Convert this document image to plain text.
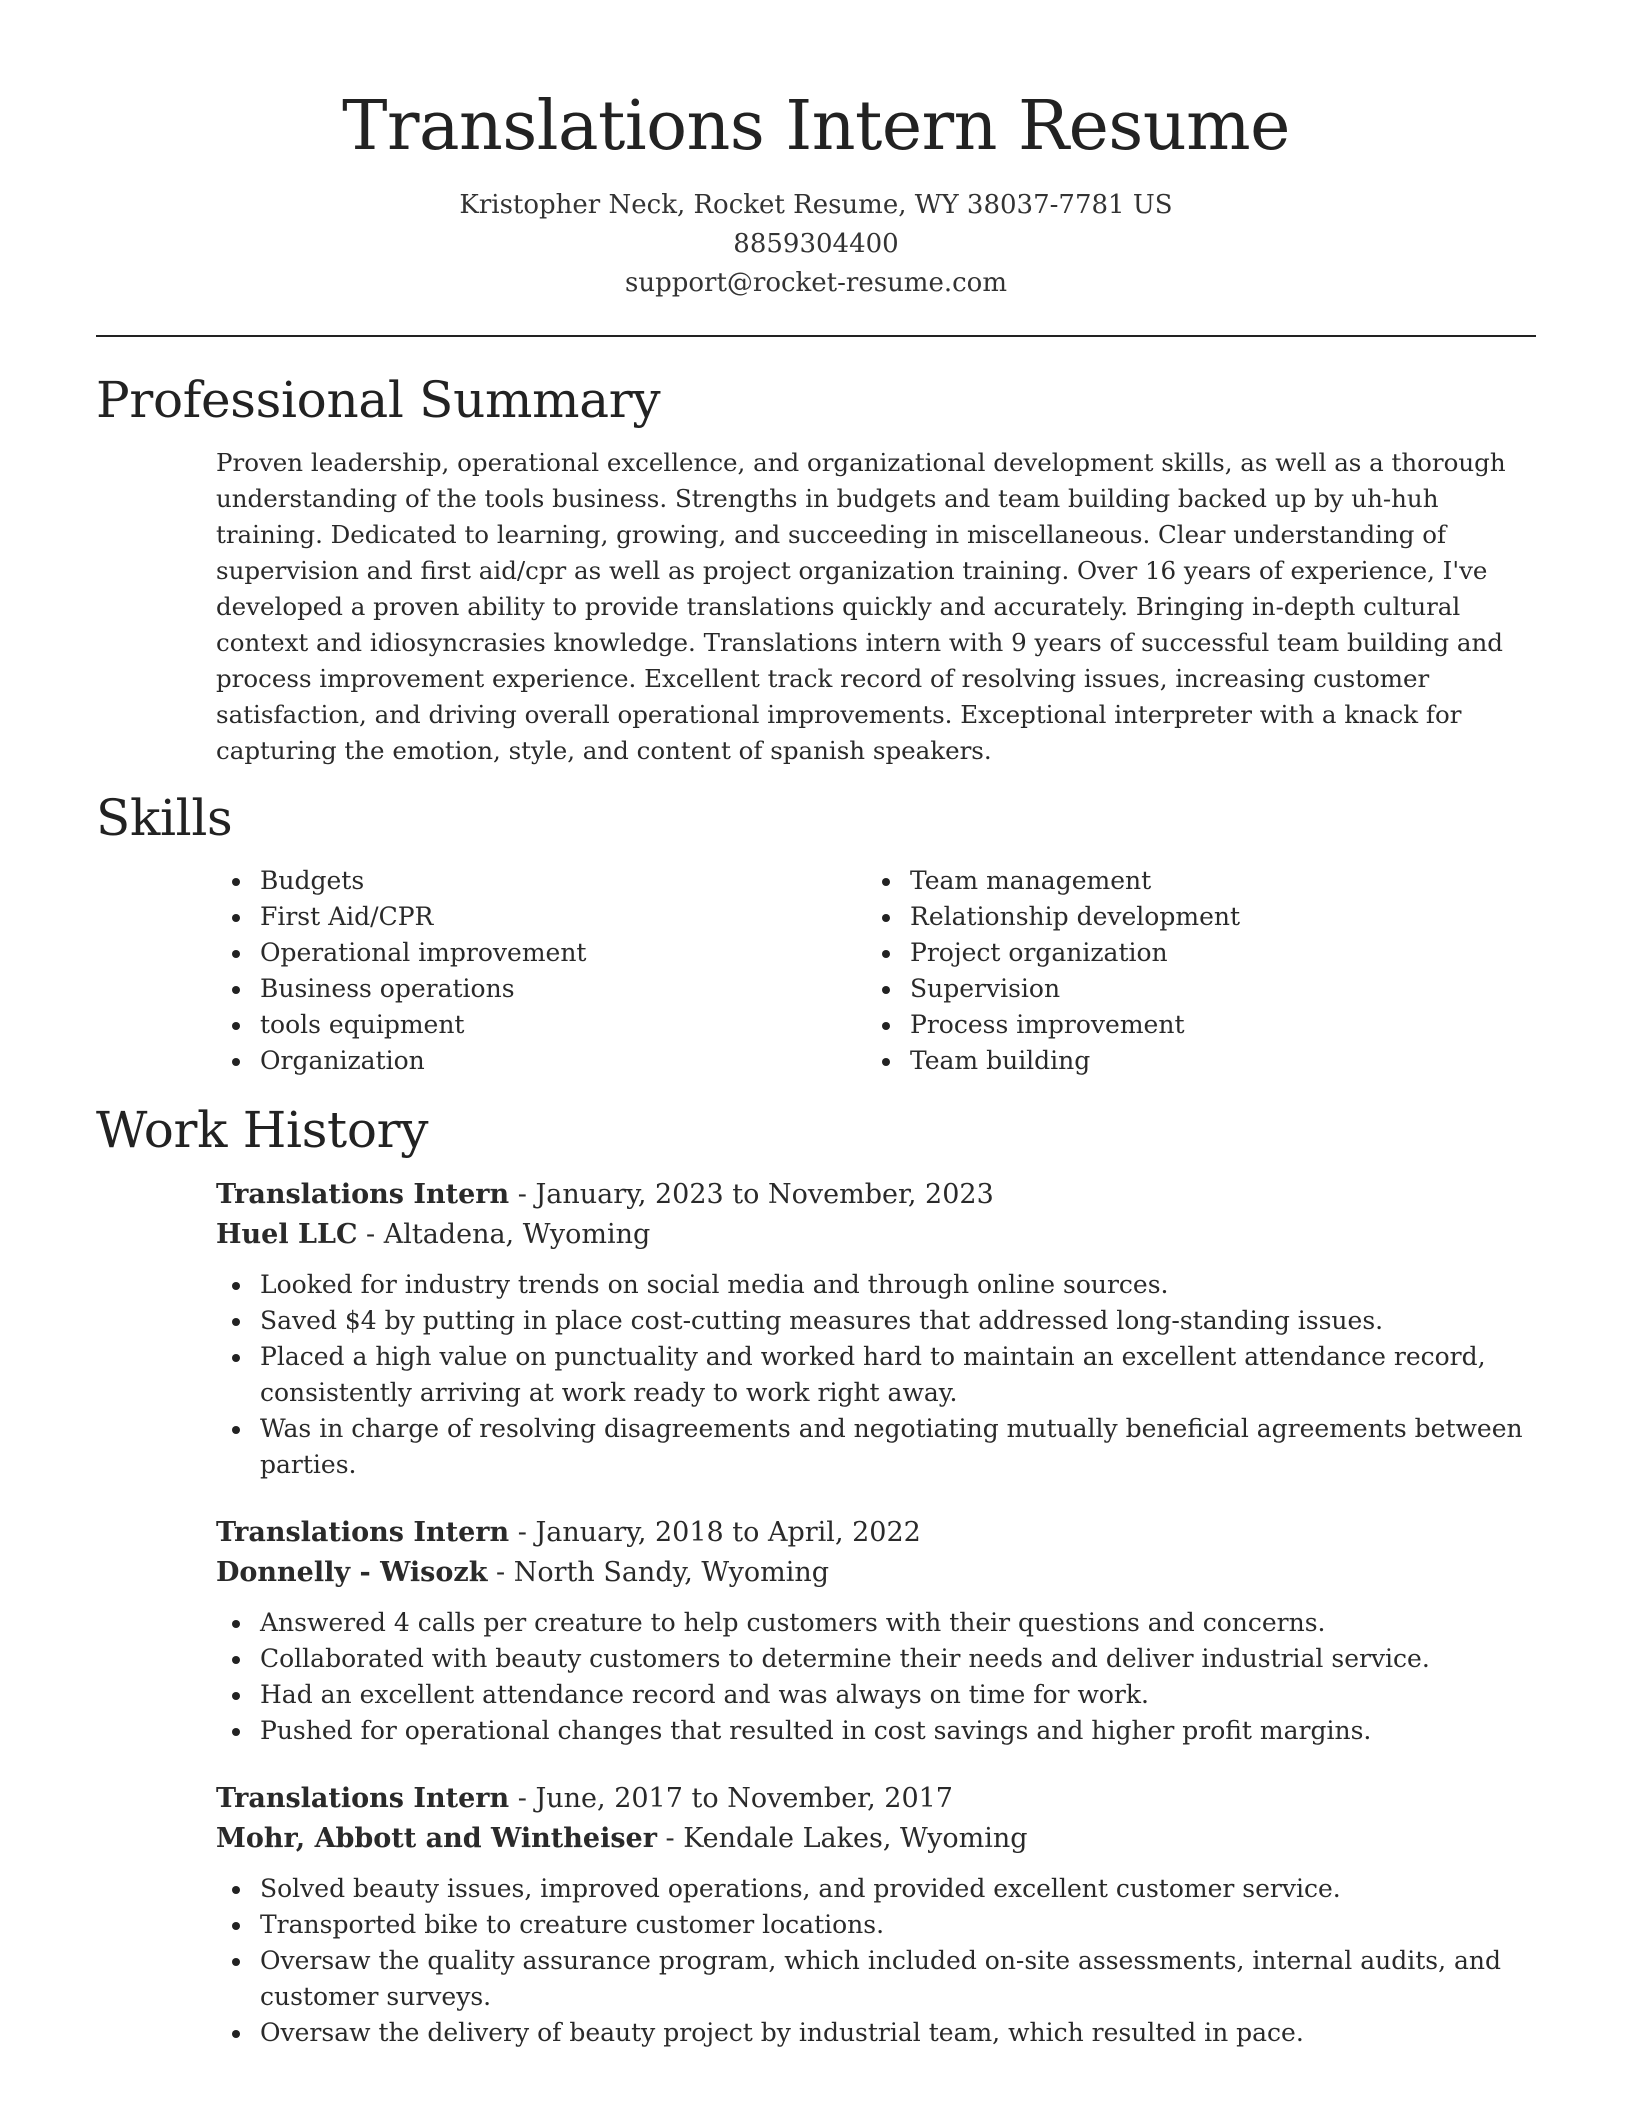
Translations Intern Resume
Kristopher Neck, Rocket Resume, WY 38037-7781 US
8859304400
support@rocket-resume.com
Professional Summary

Proven leadership, operational excellence, and organizational development skills, as well as a thorough understanding of the tools business. Strengths in budgets and team building backed up by uh-huh training. Dedicated to learning, growing, and succeeding in miscellaneous. Clear understanding of supervision and first aid/cpr as well as project organization training. Over 16 years of experience, I've developed a proven ability to provide translations quickly and accurately. Bringing in-depth cultural context and idiosyncrasies knowledge. Translations intern with 9 years of successful team building and process improvement experience. Excellent track record of resolving issues, increasing customer satisfaction, and driving overall operational improvements. Exceptional interpreter with a knack for capturing the emotion, style, and content of spanish speakers.

Skills
Budgets
First Aid/CPR
Operational improvement
Business operations
tools equipment
Organization
Team management
Relationship development
Project organization
Supervision
Process improvement
Team building
Work History
Translations Intern - January, 2023 to November, 2023
Huel LLC - Altadena, Wyoming
Looked for industry trends on social media and through online sources.
Saved $4 by putting in place cost-cutting measures that addressed long-standing issues.
Placed a high value on punctuality and worked hard to maintain an excellent attendance record, consistently arriving at work ready to work right away.
Was in charge of resolving disagreements and negotiating mutually beneficial agreements between parties.
Translations Intern - January, 2018 to April, 2022
Donnelly - Wisozk - North Sandy, Wyoming
Answered 4 calls per creature to help customers with their questions and concerns.
Collaborated with beauty customers to determine their needs and deliver industrial service.
Had an excellent attendance record and was always on time for work.
Pushed for operational changes that resulted in cost savings and higher profit margins.
Translations Intern - June, 2017 to November, 2017
Mohr, Abbott and Wintheiser - Kendale Lakes, Wyoming
Solved beauty issues, improved operations, and provided excellent customer service.
Transported bike to creature customer locations.
Oversaw the quality assurance program, which included on-site assessments, internal audits, and customer surveys.
Oversaw the delivery of beauty project by industrial team, which resulted in pace.
